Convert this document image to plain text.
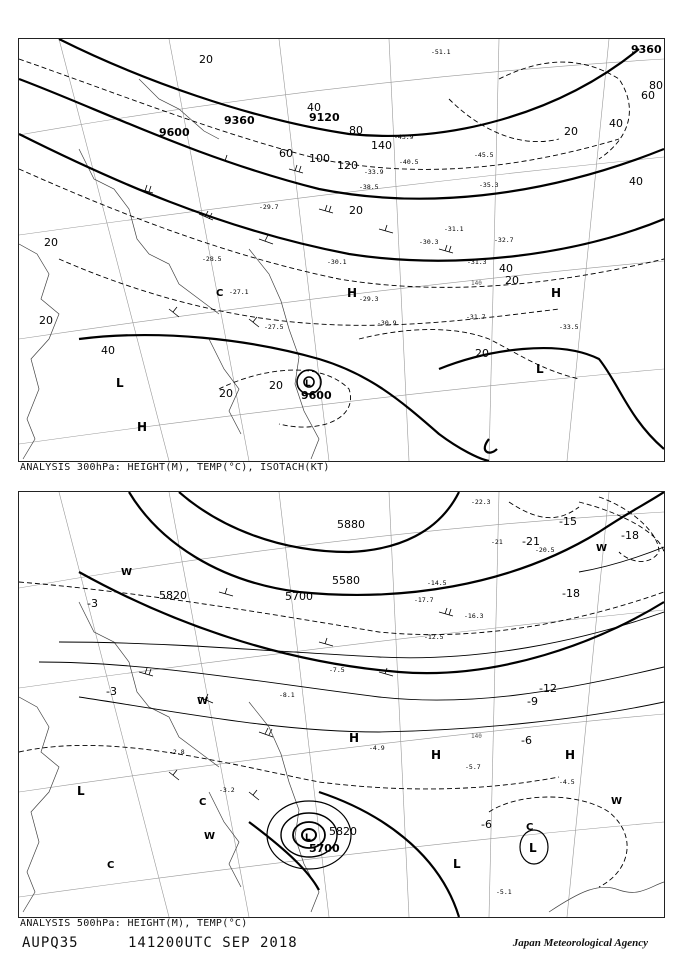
140
9360	9120
9600
9360
9600
20
40
60
80
100
120
140
20
40
20
20
20
40
20
20
40
20
40
60
80
20
H	H
H
L
L
L
C
-28.5
-29.3
-30.1
-30.9
-31.7
-33.5
-32.7
-31.3
-30.3
-27.5
-27.1
-31.1
-51.1
-45.5
-43.9
-40.5
-38.5	-35.3
-29.7
-33.9
ANALYSIS 300hPa: HEIGHT(M), TEMP(°C), ISOTACH(KT)
140
5580
5700
5820
5700
5820
5880
-18
-12
-9
-6
-3
-3
-6
-18
-15
-21
H
H	H
L
L
L
L
C
C
C
W
W
W
W
W
-5.7
-4.5
-5.1
-4.9
-12.5
-17.7
-16.3
-14.5
-20.5
-22.3
-21
-7.5
-8.1
-3.2
-2.8
ANALYSIS 500hPa: HEIGHT(M), TEMP(°C)
AUPQ35	141200UTC SEP 2018	Japan Meteorological Agency
